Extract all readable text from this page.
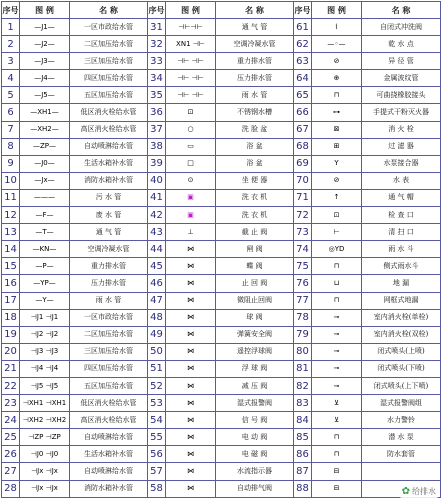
序号	图 例	名 称	序号	图 例	名 称	序号	图 例	名 称
1	—J1—	一区市政给水管	31	⊣⊢⊣⊢	通 气 管	61	⌇	自闭式冲洗阀
2	—J2—	二区加压给水管	32	XN1 ⊣⊢	空调冷凝水管	62	—◦—	乾 水 点
3	—J3—	三区加压给水管	33	⊣⊢ ⊣⊢	重力排水管	63	⊘	异 径 管
4	—J4—	四区加压给水管	34	⊣⊢ ⊣⊢	压力排水管	64	⊕	金属波纹管
5	—J5—	五区加压给水管	35	⊣⊢ ⊣⊢	雨 水 管	65	⊓	可曲挠橡胶接头
6	—XH1—	低区消火栓给水管	36	⊡	不锈钢水槽	66	⊶	手提式干粉灭火器
7	—XH2—	高区消火栓给水管	37	○	洗 脸 盆	67	⊠	消 火 栓
8	—ZP—	自动喷淋给水管	38	▭	浴 盆	68	⊞	过 滤 器
9	—J0—	生活水箱补水管	39	□	浴 盆	69	Y	水泵接合器
10	—Jx—	消防水箱补水管	40	⊙	坐 便 器	70	⊘	水 表
11	———	污 水 管	41	▣	洗 衣 机	71	↑	通 气 帽
12	—F—	废 水 管	42	▣	洗 衣 机	72	⊡	检 查 口
13	—T—	通 气 管	43	⊥	截 止 阀	73	⊢	清 扫 口
14	—KN—	空调冷凝水管	44	⋈	闸 阀	74	◎YD	雨 水 斗
15	—P—	重力排水管	45	⋈	蝶 阀	75	⊓	侧式雨水斗
16	—YP—	压力排水管	46	⋈	止 回 阀	76	⊔	地 漏
17	—Y—	雨 水 管	47	⋈	微阻止回阀	77	⊓	网框式地漏
18	⊣J1 ⊣J1	一区市政给水管	48	⋈	球 阀	78	⊸	室内消火栓(单栓)
19	⊣J2 ⊣J2	二区加压给水管	49	⋈	弹簧安全阀	79	⊸	室内消火栓(双栓)
20	⊣J3 ⊣J3	三区加压给水管	50	⋈	遥控浮球阀	80	⊸	闭式喷头(上喷)
21	⊣J4 ⊣J4	四区加压给水管	51	⋈	浮 球 阀	81	⊸	闭式喷头(下喷)
22	⊣J5 ⊣J5	五区加压给水管	52	⋈	减 压 阀	82	⊸	闭式喷头(上下喷)
23	⊣XH1 ⊣XH1	低区消火栓给水管	53	⋈	湿式报警阀	83	⊻	湿式报警阀组
24	⊣XH2 ⊣XH2	高区消火栓给水管	54	⋈	信 号 阀	84	⊻	水力警铃
25	⊣ZP ⊣ZP	自动喷淋给水管	55	⋈	电 动 阀	85	⊓	潜 水 泵
26	⊣J0 ⊣J0	生活水箱补水管	56	⋈	电 磁 阀	86	⊓	防水套管
27	⊣Jx ⊣Jx	自动喷淋给水管	57	⋈	水流指示器	87	⊟	
28	⊣Jx ⊣Jx	消防水箱补水管	58	⋈	自动排气阀	88	⊟		✿ 给排水
